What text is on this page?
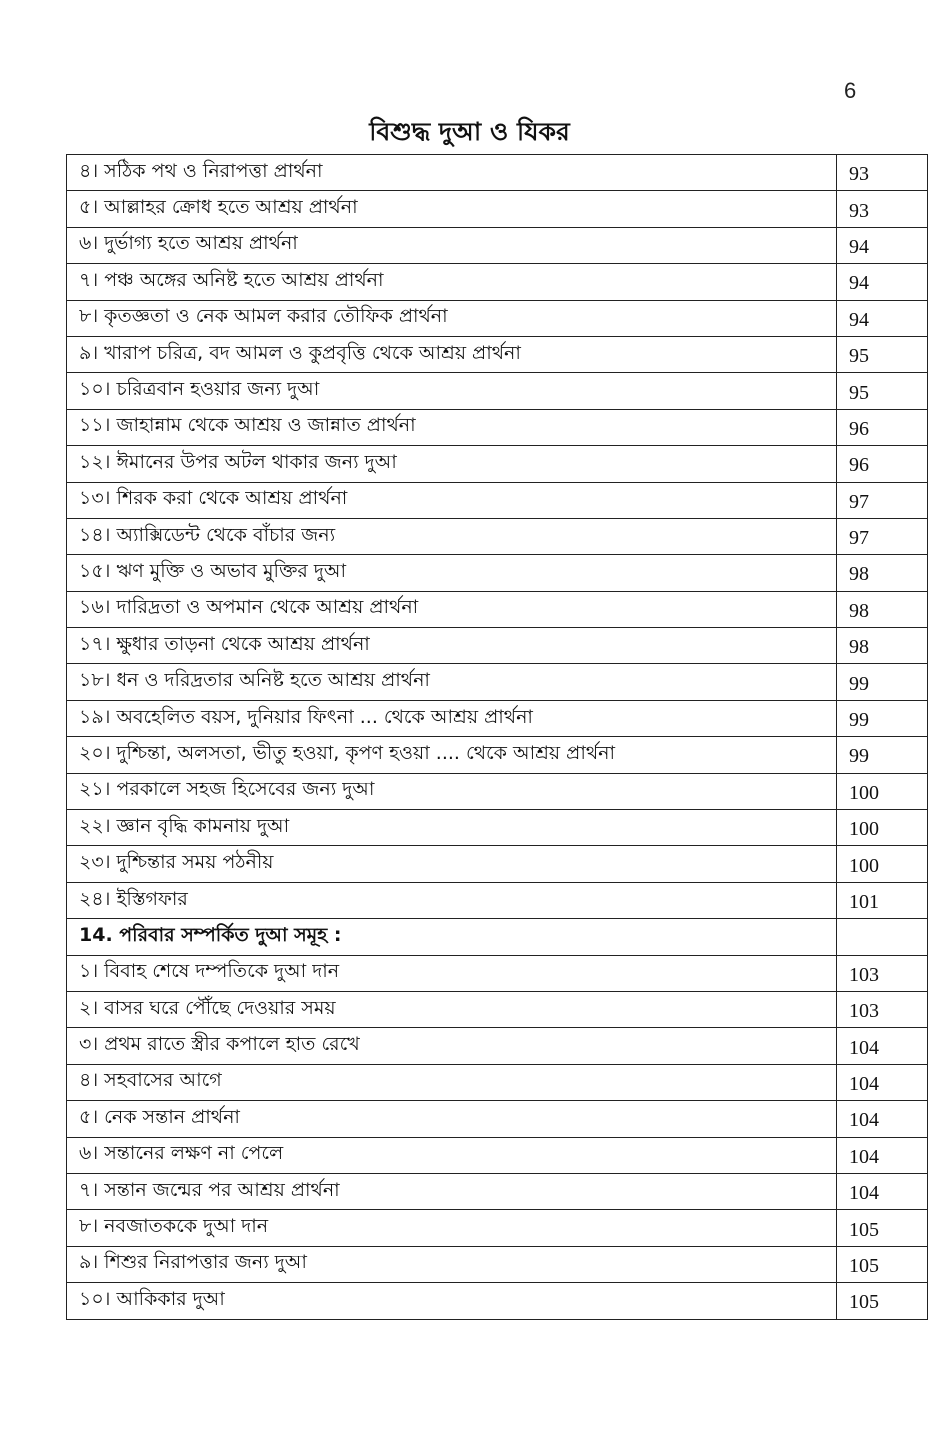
6
বিশুদ্ধ দুআ ও যিকর
৪। সঠিক পথ ও নিরাপত্তা প্রার্থনা	93
৫। আল্লাহর ক্রোধ হতে আশ্রয় প্রার্থনা	93
৬। দুর্ভাগ্য হতে আশ্রয় প্রার্থনা	94
৭। পঞ্চ অঙ্গের অনিষ্ট হতে আশ্রয় প্রার্থনা	94
৮। কৃতজ্ঞতা ও নেক আমল করার তৌফিক প্রার্থনা	94
৯। খারাপ চরিত্র, বদ আমল ও কুপ্রবৃত্তি থেকে আশ্রয় প্রার্থনা	95
১০। চরিত্রবান হওয়ার জন্য দুআ	95
১১। জাহান্নাম থেকে আশ্রয় ও জান্নাত প্রার্থনা	96
১২। ঈমানের উপর অটল থাকার জন্য দুআ	96
১৩। শিরক করা থেকে আশ্রয় প্রার্থনা	97
১৪। অ্যাক্সিডেন্ট থেকে বাঁচার জন্য	97
১৫। ঋণ মুক্তি ও অভাব মুক্তির দুআ	98
১৬। দারিদ্রতা ও অপমান থেকে আশ্রয় প্রার্থনা	98
১৭। ক্ষুধার তাড়না থেকে আশ্রয় প্রার্থনা	98
১৮। ধন ও দরিদ্রতার অনিষ্ট হতে আশ্রয় প্রার্থনা	99
১৯। অবহেলিত বয়স, দুনিয়ার ফিৎনা ... থেকে আশ্রয় প্রার্থনা	99
২০। দুশ্চিন্তা, অলসতা, ভীতু হওয়া, কৃপণ হওয়া .... থেকে আশ্রয় প্রার্থনা	99
২১। পরকালে সহজ হিসেবের জন্য দুআ	100
২২। জ্ঞান বৃদ্ধি কামনায় দুআ	100
২৩। দুশ্চিন্তার সময় পঠনীয়	100
২৪। ইস্তিগফার	101
14. পরিবার সম্পর্কিত দুআ সমূহ :	
১। বিবাহ শেষে দম্পতিকে দুআ দান	103
২। বাসর ঘরে পৌঁছে দেওয়ার সময়	103
৩। প্রথম রাতে স্ত্রীর কপালে হাত রেখে	104
৪। সহবাসের আগে	104
৫। নেক সন্তান প্রার্থনা	104
৬। সন্তানের লক্ষণ না পেলে	104
৭। সন্তান জন্মের পর আশ্রয় প্রার্থনা	104
৮। নবজাতককে দুআ দান	105
৯। শিশুর নিরাপত্তার জন্য দুআ	105
১০। আকিকার দুআ	105
